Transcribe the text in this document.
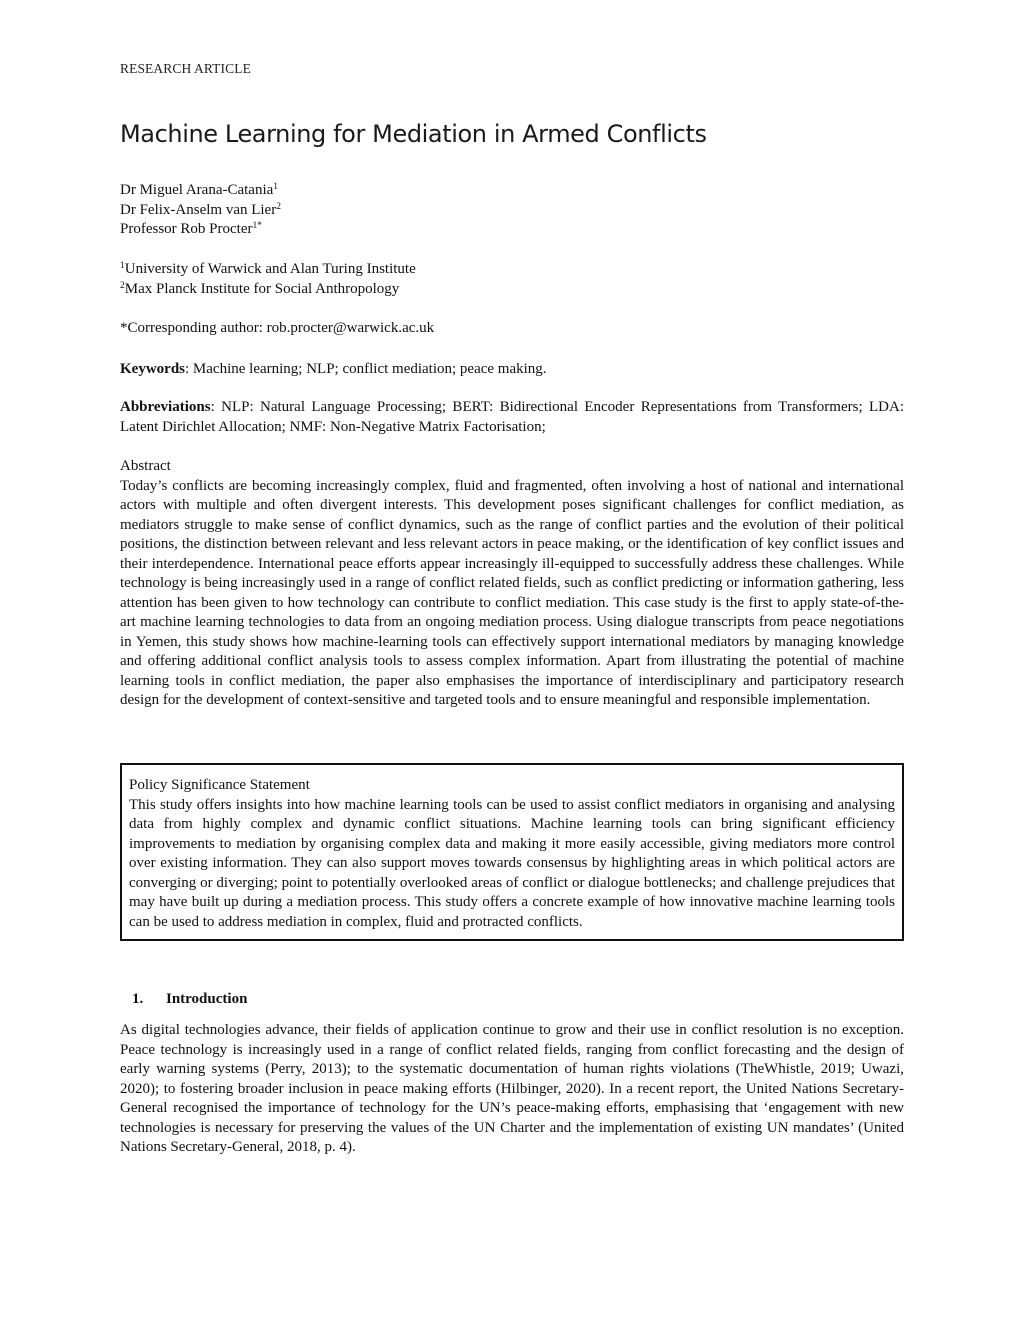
RESEARCH ARTICLE
Machine Learning for Mediation in Armed Conflicts
Dr Miguel Arana-Catania$^1$
Dr Felix-Anselm van Lier$^2$
Professor Rob Procter$^{1*}$
$^1$University of Warwick and Alan Turing Institute
$^2$Max Planck Institute for Social Anthropology
*Corresponding author: rob.procter@warwick.ac.uk
Keywords: Machine learning; NLP; conflict mediation; peace making.
Abbreviations: NLP: Natural Language Processing; BERT: Bidirectional Encoder Representations from Transformers; LDA: Latent Dirichlet Allocation; NMF: Non-Negative Matrix Factorisation;
Abstract
Today’s conflicts are becoming increasingly complex, fluid and fragmented, often involving a host of national and international actors with multiple and often divergent interests. This development poses significant challenges for conflict mediation, as mediators struggle to make sense of conflict dynamics, such as the range of conflict parties and the evolution of their political positions, the distinction between relevant and less relevant actors in peace making, or the identification of key conflict issues and their interdependence. International peace efforts appear increasingly ill-equipped to successfully address these challenges. While technology is being increasingly used in a range of conflict related fields, such as conflict predicting or information gathering, less attention has been given to how technology can contribute to conflict mediation. This case study is the first to apply state-of-the-art machine learning technologies to data from an ongoing mediation process. Using dialogue transcripts from peace negotiations in Yemen, this study shows how machine-learning tools can effectively support international mediators by managing knowledge and offering additional conflict analysis tools to assess complex information. Apart from illustrating the potential of machine learning tools in conflict mediation, the paper also emphasises the importance of interdisciplinary and participatory research design for the development of context-sensitive and targeted tools and to ensure meaningful and responsible implementation.
Policy Significance Statement
This study offers insights into how machine learning tools can be used to assist conflict mediators in organising and analysing data from highly complex and dynamic conflict situations. Machine learning tools can bring significant efficiency improvements to mediation by organising complex data and making it more easily accessible, giving mediators more control over existing information. They can also support moves towards consensus by highlighting areas in which political actors are converging or diverging; point to potentially overlooked areas of conflict or dialogue bottlenecks; and challenge prejudices that may have built up during a mediation process. This study offers a concrete example of how innovative machine learning tools can be used to address mediation in complex, fluid and protracted conflicts.
1. Introduction
As digital technologies advance, their fields of application continue to grow and their use in conflict resolution is no exception. Peace technology is increasingly used in a range of conflict related fields, ranging from conflict forecasting and the design of early warning systems (Perry, 2013); to the systematic documentation of human rights violations (TheWhistle, 2019; Uwazi, 2020); to fostering broader inclusion in peace making efforts (Hilbinger, 2020). In a recent report, the United Nations Secretary-General recognised the importance of technology for the UN’s peace-making efforts, emphasising that ‘engagement with new technologies is necessary for preserving the values of the UN Charter and the implementation of existing UN mandates’ (United Nations Secretary-General, 2018, p. 4).
